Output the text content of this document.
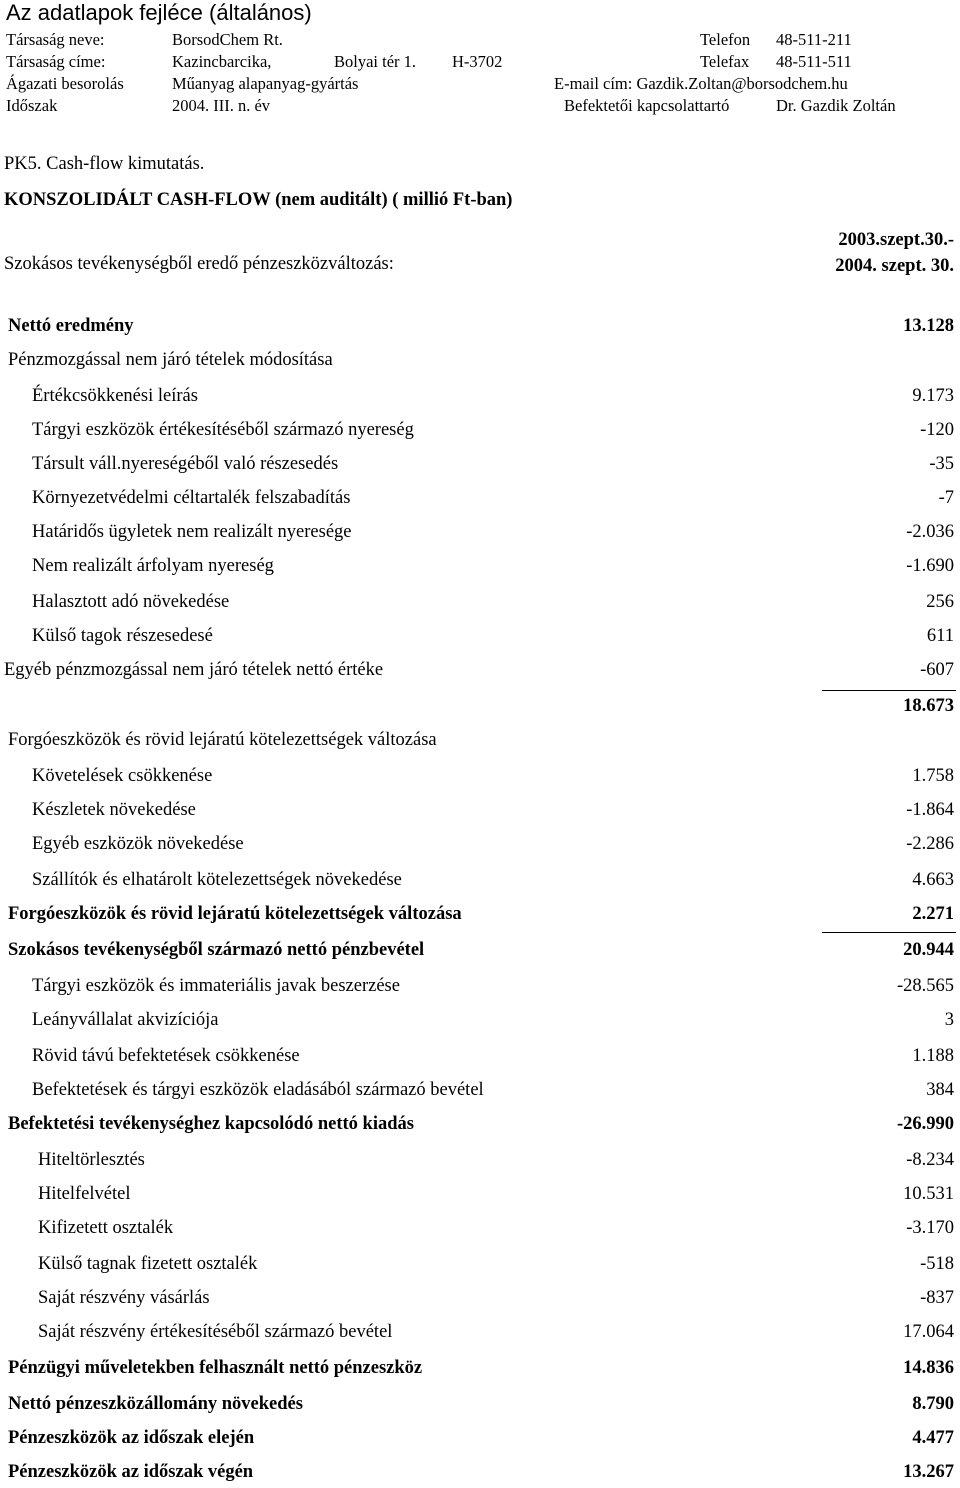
Az adatlapok fejléce (általános)
Társaság neve:	BorsodChem Rt.	Telefon 48-511-211
Társaság címe:	Kazincbarcika,	Bolyai tér 1. H-3702	Telefax 48-511-511
Ágazati besorolás	Műanyag alapanyag-gyártás	E-mail cím: Gazdik.Zoltan@borsodchem.hu
Időszak	2004. III. n. év	Befektetői kapcsolattartó	Dr. Gazdik Zoltán
PK5. Cash-flow kimutatás.
KONSZOLIDÁLT CASH-FLOW (nem auditált) ( millió Ft-ban)
2003.szept.30.-
2004. szept. 30.
Szokásos tevékenységből eredő pénzeszközváltozás:
Nettó eredmény	13.128
Pénzmozgással nem járó tételek módosítása
Értékcsökkenési leírás	9.173
Tárgyi eszközök értékesítéséből származó nyereség	-120
Társult váll.nyereségéből való részesedés	-35
Környezetvédelmi céltartalék felszabadítás	-7
Határidős ügyletek nem realizált nyeresége	-2.036
Nem realizált árfolyam nyereség	-1.690
Halasztott adó növekedése	256
Külső tagok részesedesé	611
Egyéb pénzmozgással nem járó tételek nettó értéke	-607
18.673
Forgóeszközök és rövid lejáratú kötelezettségek változása
Követelések csökkenése	1.758
Készletek növekedése	-1.864
Egyéb eszközök növekedése	-2.286
Szállítók és elhatárolt kötelezettségek növekedése	4.663
Forgóeszközök és rövid lejáratú kötelezettségek változása	2.271
Szokásos tevékenységből származó nettó pénzbevétel	20.944
Tárgyi eszközök és immateriális javak beszerzése	-28.565
Leányvállalat akvizíciója	3
Rövid távú befektetések csökkenése	1.188
Befektetések és tárgyi eszközök eladásából származó bevétel	384
Befektetési tevékenységhez kapcsolódó nettó kiadás	-26.990
Hiteltörlesztés	-8.234
Hitelfelvétel	10.531
Kifizetett osztalék	-3.170
Külső tagnak fizetett osztalék	-518
Saját részvény vásárlás	-837
Saját részvény értékesítéséből származó bevétel	17.064
Pénzügyi műveletekben felhasznált nettó pénzeszköz	14.836
Nettó pénzeszközállomány növekedés	8.790
Pénzeszközök az időszak elején	4.477
Pénzeszközök az időszak végén	13.267
